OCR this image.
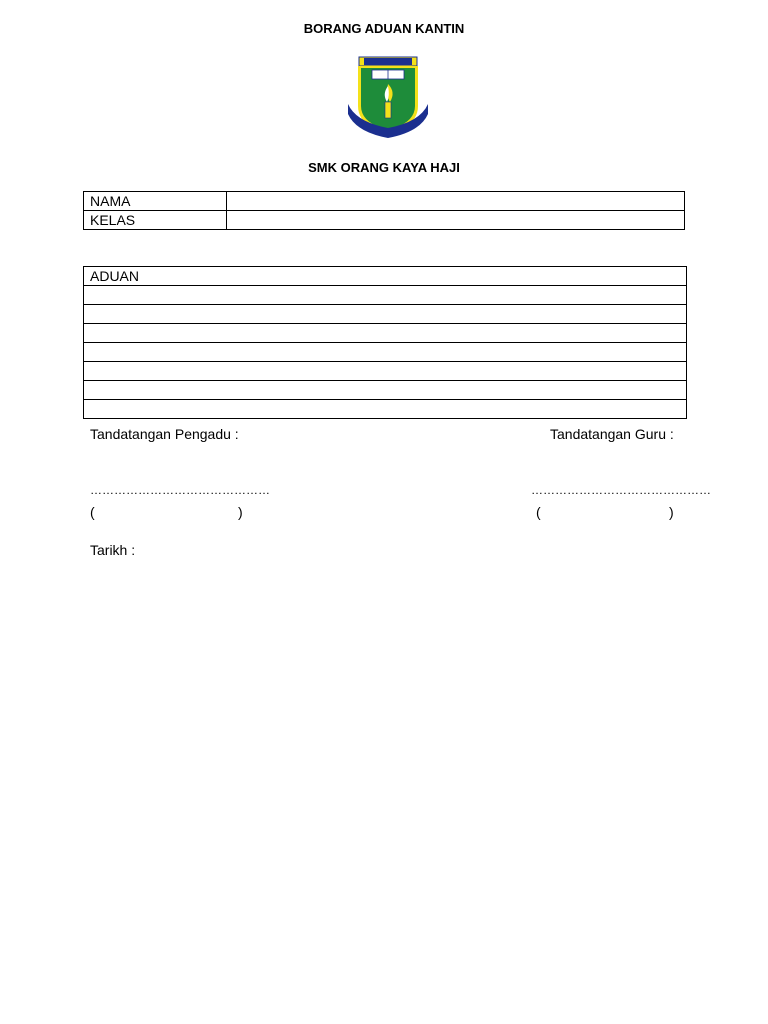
BORANG ADUAN KANTIN
SMK ORANG KAYA HAJI
NAMA	
KELAS	
ADUAN

Tandatangan Pengadu :	Tandatangan Guru :
………………………………………	………………………………………
(	)	(	)
Tarikh :
